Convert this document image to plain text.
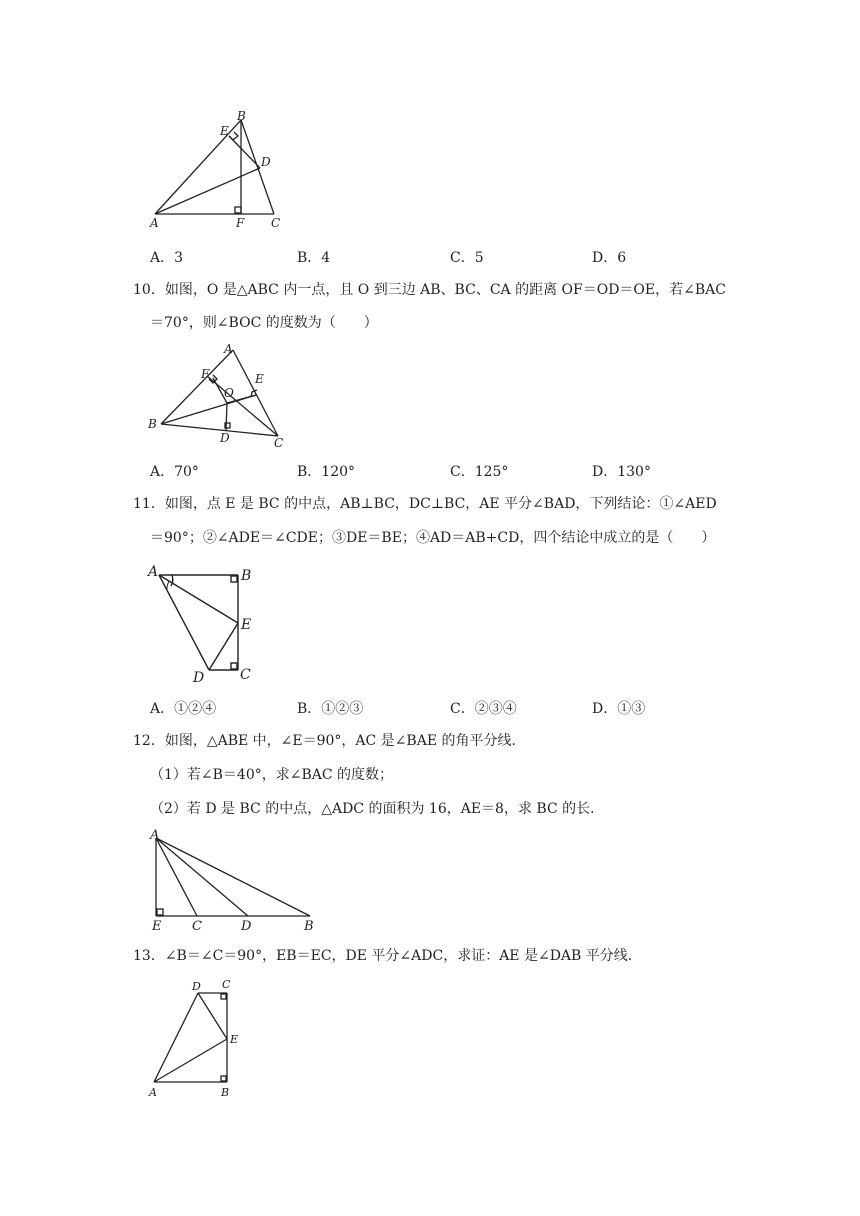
A
B
C
D
E
F
A．3	B．4	C．5	D．6
10．如图，O 是△ABC 内一点，且 O 到三边 AB、BC、CA 的距离 OF＝OD＝OE，若∠BAC
＝70°，则∠BOC 的度数为（　　）
A
B
C
D
E
F
O
A．70°	B．120°	C．125°	D．130°
11．如图，点 E 是 BC 的中点，AB⊥BC，DC⊥BC，AE 平分∠BAD，下列结论：①∠AED
＝90°；②∠ADE＝∠CDE；③DE＝BE；④AD＝AB+CD，四个结论中成立的是（　　）
A	B
C
D
E
A．①②④	B．①②③	C．②③④	D．①③
12．如图，△ABE 中，∠E＝90°，AC 是∠BAE 的角平分线．
（1）若∠B＝40°，求∠BAC 的度数；
（2）若 D 是 BC 的中点，△ADC 的面积为 16，AE＝8，求 BC 的长．
A
B
C	D
E
13．∠B＝∠C＝90°，EB＝EC，DE 平分∠ADC，求证：AE 是∠DAB 平分线．
A	B
C
D
E
